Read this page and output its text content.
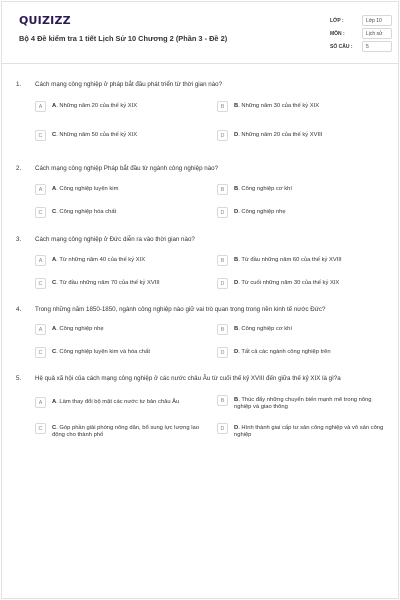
QUIZIZZ
Bộ 4 Đề kiểm tra 1 tiết Lịch Sử 10 Chương 2 (Phần 3 - Đề 2)
LỚP :	Lớp 10
MÔN :	Lịch sử
SỐ CÂU :	5
1. Cách mạng công nghiệp ở pháp bắt đầu phát triển từ thời gian nào?
A	A. Những năm 20 của thế kỷ XIX	B	B. Những năm 30 của thế kỷ XIX
C	C. Những năm 50 của thế kỷ XIX	D	D. Những năm 20 của thế kỷ XVIII
2. Cách mạng công nghiệp Pháp bắt đầu từ ngành công nghiệp nào?
A	A. Công nghiệp luyện kim	B	B. Công nghiệp cơ khí
C	C. Công nghiệp hóa chất	D	D. Công nghiệp nhẹ
3. Cách mạng công nghiệp ở Đức diễn ra vào thời gian nào?
A	A. Từ những năm 40 của thế kỷ XIX	B	B. Từ đầu những năm 60 của thế kỷ XVIII
C	C. Từ đầu những năm 70 của thế kỷ XVIII	D	D. Từ cuối những năm 30 của thế kỷ XIX
4. Trong những năm 1850-1850, ngành công nghiệp nào giữ vai trò quan trọng trong nền kinh tế nước Đức?
A	A. Công nghiệp nhẹ	B	B. Công nghiệp cơ khí
C	C. Công nghiệp luyện kim và hóa chất	D	D. Tất cả các ngành công nghiệp trên
5. Hệ quả xã hội của cách mạng công nghiệp ở các nước châu Âu từ cuối thế kỷ XVIII đến giữa thế kỷ XIX là gì?a
A	A. Làm thay đổi bộ mặt các nước tư bản châu Âu	B	B. Thúc đẩy những chuyển biến mạnh mẽ trong nông nghiệp và giao thông
C	C. Góp phần giải phóng nông dân, bổ sung lực lượng lao động cho thành phố
D	D. Hình thành giai cấp tư sản công nghiệp và vô sản công nghiệp
